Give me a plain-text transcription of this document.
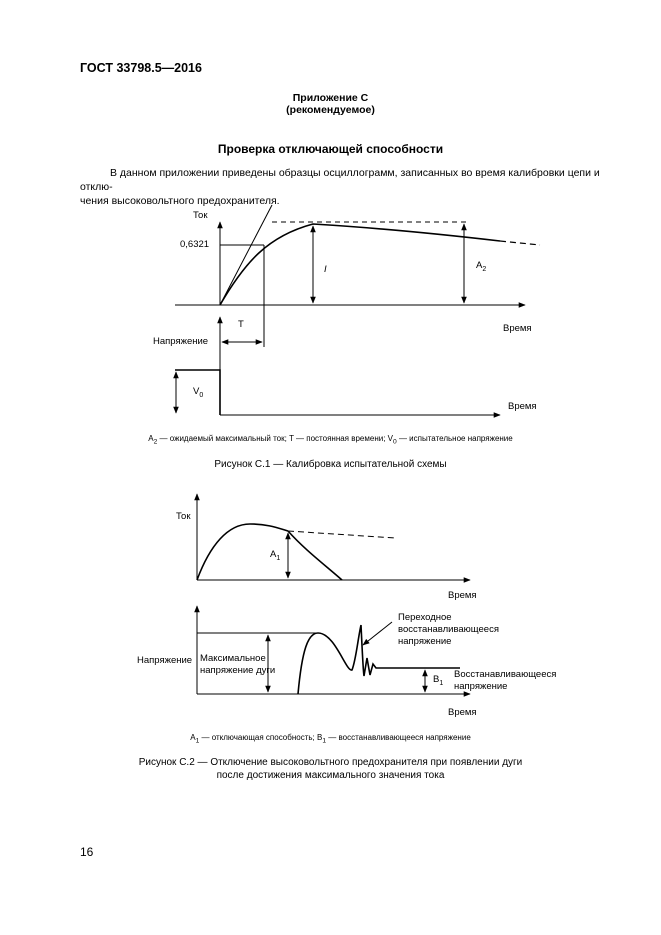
ГОСТ 33798.5—2016
Приложение С
(рекомендуемое)
Проверка отключающей способности
В данном приложении приведены образцы осциллограмм, записанных во время калибровки цепи и отклю-
чения высоковольтного предохранителя.
Ток
0,6321
I	$A_2$
Время
T
Напряжение
$V_0$
Время
Ток
$A_1$
Время
Напряжение Максимальное
напряжение дуги
Переходное
восстанавливающееся
напряжение
Восстанавливающееся
напряжение
$B_1$
Время
$A_2$ — ожидаемый максимальный ток; T — постоянная времени; $V_0$ — испытательное напряжение
Рисунок С.1 — Калибровка испытательной схемы
$A_1$ — отключающая способность; $B_1$ — восстанавливающееся напряжение
Рисунок С.2 — Отключение высоковольтного предохранителя при появлении дуги
после достижения максимального значения тока
16
